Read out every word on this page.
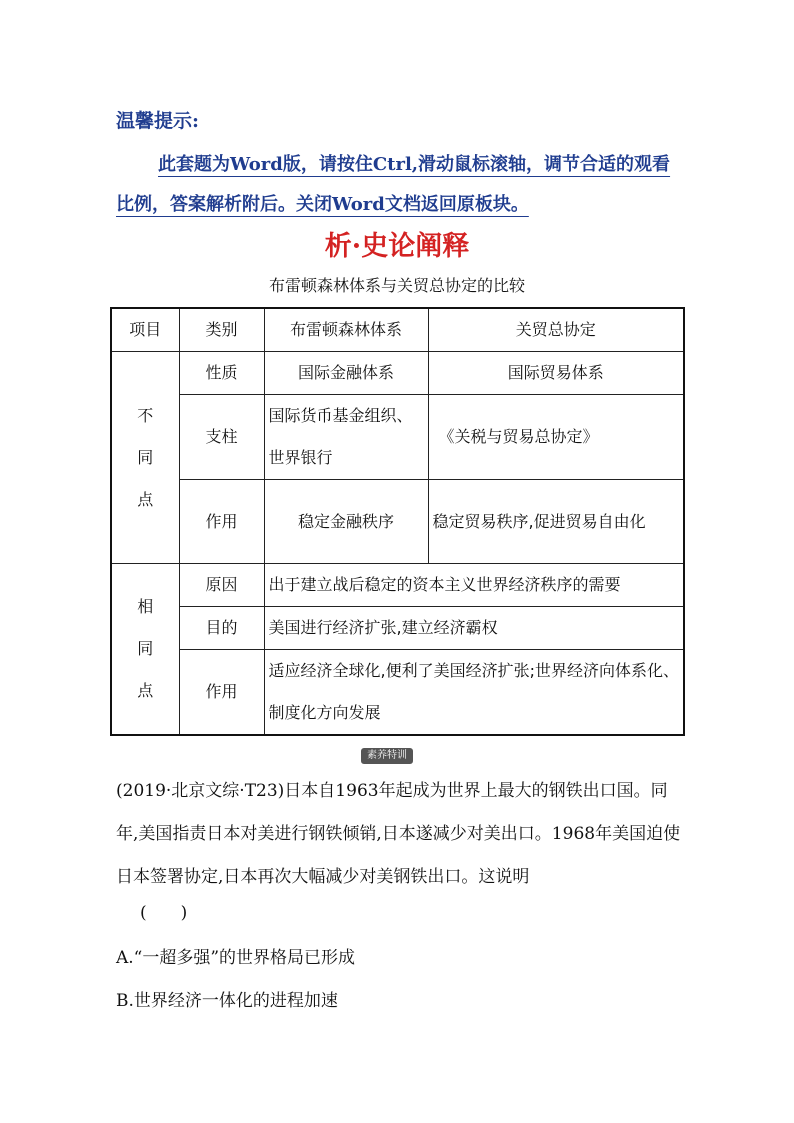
温馨提示:
此套题为Word版，请按住Ctrl,滑动鼠标滚轴，调节合适的观看比例，答案解析附后。关闭Word文档返回原板块。
析·史论阐释
布雷顿森林体系与关贸总协定的比较
项目	类别	布雷顿森林体系	关贸总协定

不同点	性质	国际金融体系	国际贸易体系
	支柱	国际货币基金组织、世界银行	《关税与贸易总协定》
	作用	稳定金融秩序	稳定贸易秩序,促进贸易自由化

相同点	原因	出于建立战后稳定的资本主义世界经济秩序的需要	
	目的	美国进行经济扩张,建立经济霸权	
	作用	适应经济全球化,便利了美国经济扩张;世界经济向体系化、制度化方向发展	
素养特训
(2019·北京文综·T23)日本自1963年起成为世界上最大的钢铁出口国。同年,美国指责日本对美进行钢铁倾销,日本遂减少对美出口。1968年美国迫使日本签署协定,日本再次大幅减少对美钢铁出口。这说明
(　　)
A.“一超多强”的世界格局已形成
B.世界经济一体化的进程加速
